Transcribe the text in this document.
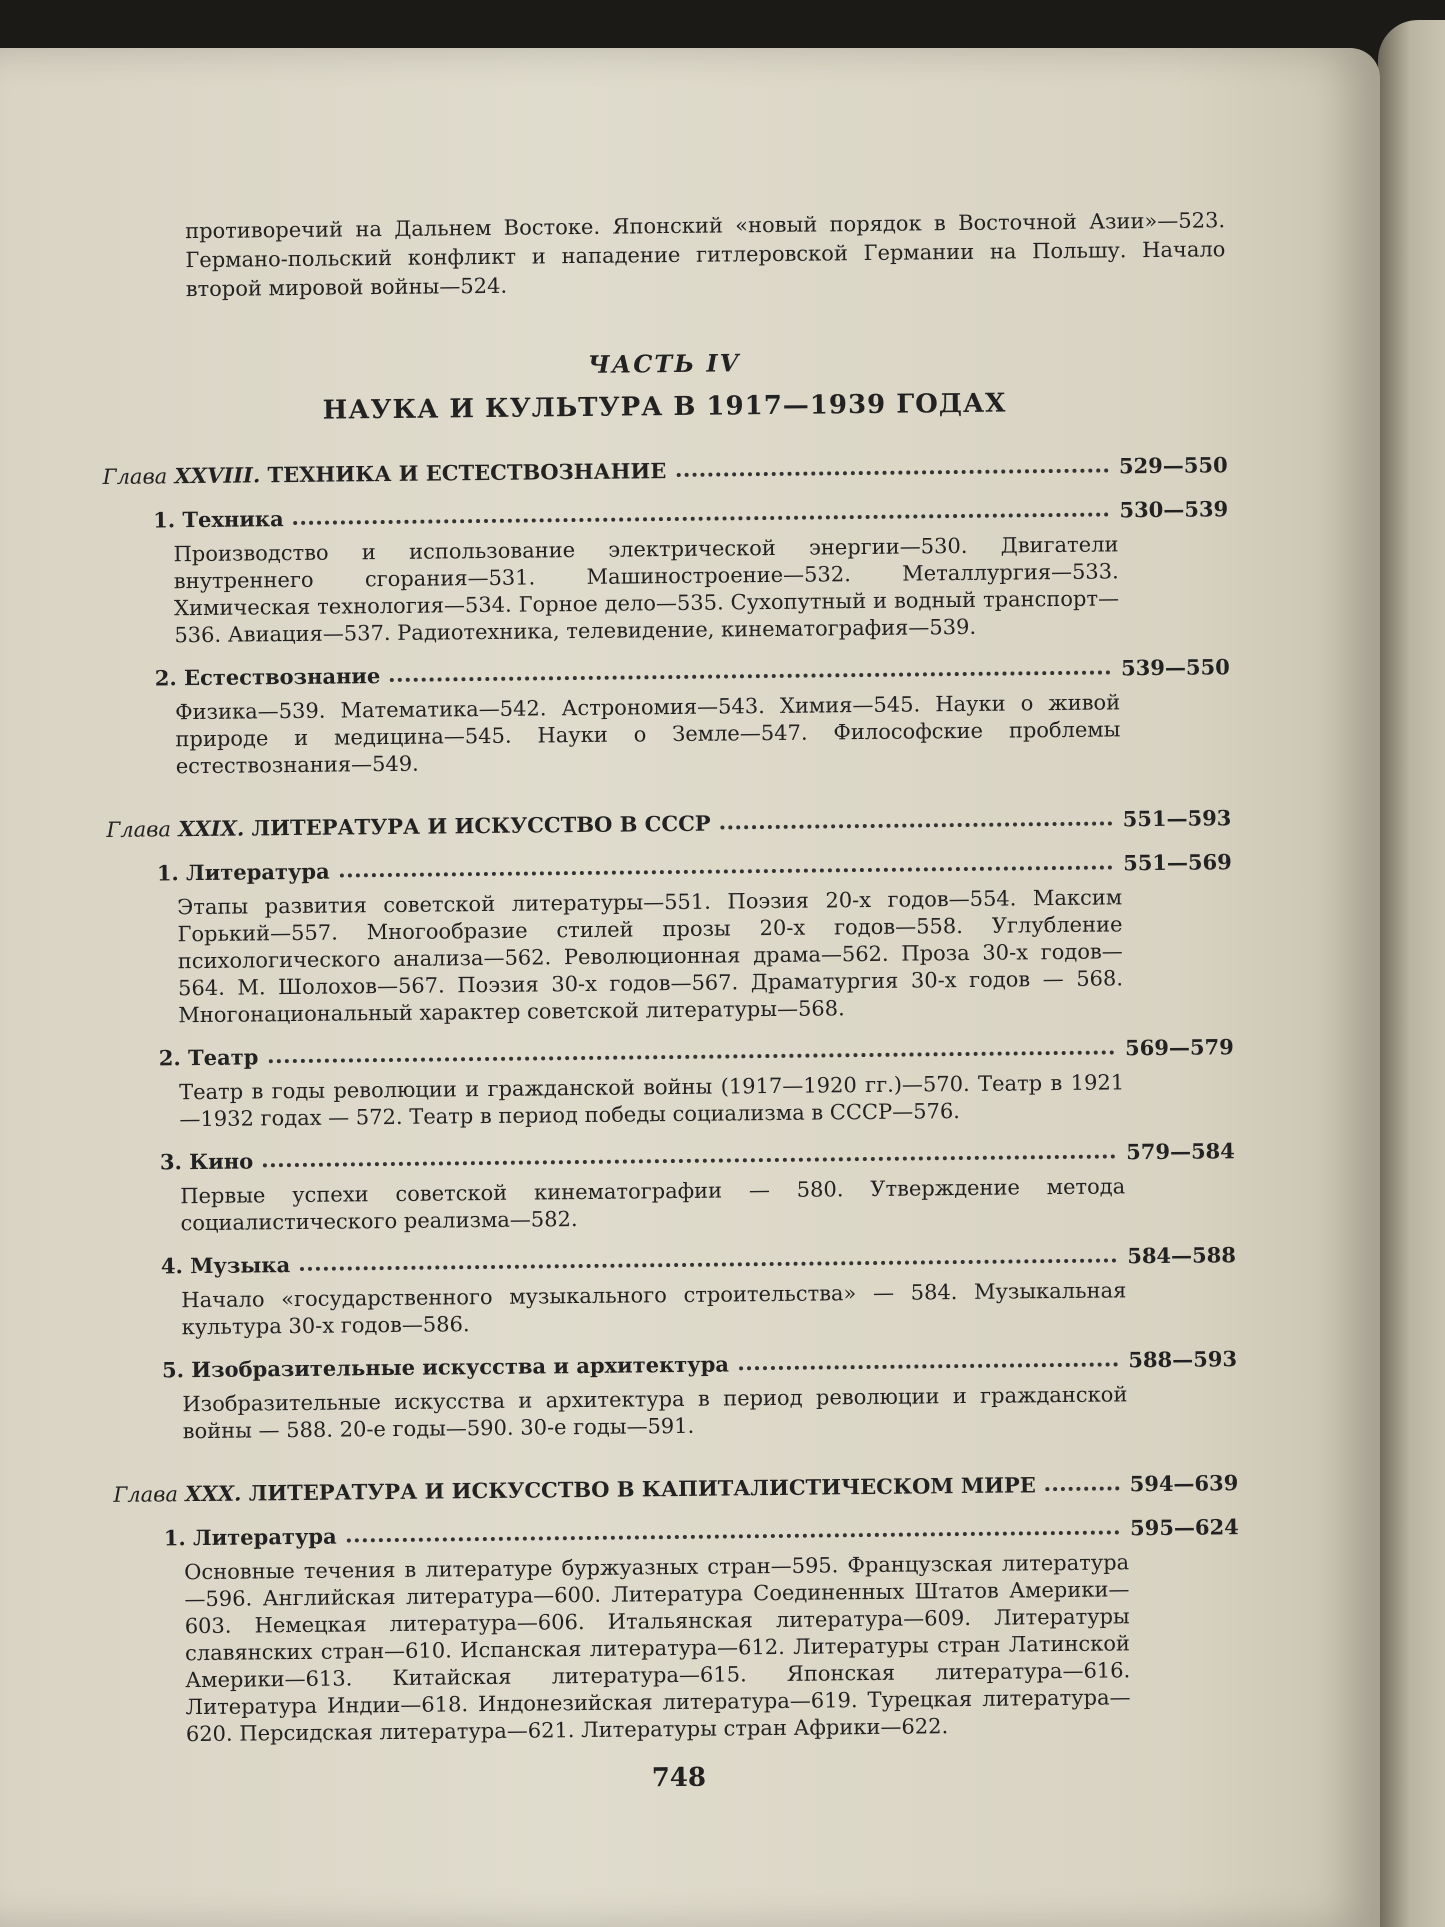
противоречий на Дальнем Востоке. Японский «новый порядок в Восточной Азии»—523. Германо-польский конфликт и нападение гитлеровской Германии на Польшу. Начало второй мировой войны—524.
ЧАСТЬ IV
НАУКА И КУЛЬТУРА В 1917—1939 ГОДАХ
Глава XXVIII. ТЕХНИКА И ЕСТЕСТВОЗНАНИЕ	529—550
1. Техника	530—539
Производство и использование электрической энергии—530. Двигатели внутреннего сгорания—531. Машиностроение—532. Металлургия—533. Химическая технология—534. Горное дело—535. Сухопутный и водный транспорт—536. Авиация—537. Радиотехника, телевидение, кинематография—539.
2. Естествознание	539—550
Физика—539. Математика—542. Астрономия—543. Химия—545. Науки о живой природе и медицина—545. Науки о Земле—547. Философские проблемы естествознания—549.
Глава XXIX. ЛИТЕРАТУРА И ИСКУССТВО В СССР	551—593
1. Литература	551—569
Этапы развития советской литературы—551. Поэзия 20-х годов—554. Максим Горький—557. Многообразие стилей прозы 20-х годов—558. Углубление психологического анализа—562. Революционная драма—562. Проза 30-х годов—564. М. Шолохов—567. Поэзия 30-х годов—567. Драматургия 30-х годов — 568. Многонациональный характер советской литературы—568.
2. Театр	569—579
Театр в годы революции и гражданской войны (1917—1920 гг.)—570. Театр в 1921—1932 годах — 572. Театр в период победы социализма в СССР—576.
3. Кино	579—584
Первые успехи советской кинематографии — 580. Утверждение метода социалистического реализма—582.
4. Музыка	584—588
Начало «государственного музыкального строительства» — 584. Музыкальная культура 30-х годов—586.
5. Изобразительные искусства и архитектура	588—593
Изобразительные искусства и архитектура в период революции и гражданской войны — 588. 20-е годы—590. 30-е годы—591.
Глава XXX. ЛИТЕРАТУРА И ИСКУССТВО В КАПИТАЛИСТИЧЕСКОМ МИРЕ	594—639
1. Литература	595—624
Основные течения в литературе буржуазных стран—595. Французская литература—596. Английская литература—600. Литература Соединенных Штатов Америки—603. Немецкая литература—606. Итальянская литература—609. Литературы славянских стран—610. Испанская литература—612. Литературы стран Латинской Америки—613. Китайская литература—615. Японская литература—616. Литература Индии—618. Индонезийская литература—619. Турецкая литература—620. Персидская литература—621. Литературы стран Африки—622.
748
